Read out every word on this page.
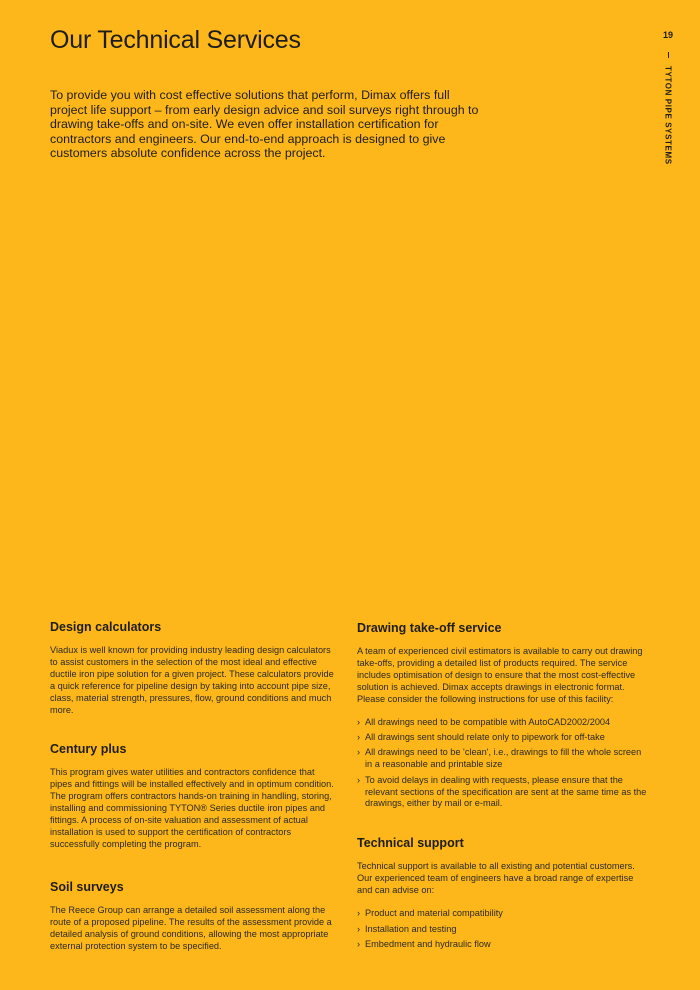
Our Technical Services

To provide you with cost effective solutions that perform, Dimax offers full project life support – from early design advice and soil surveys right through to drawing take-offs and on-site. We even offer installation certification for contractors and engineers. Our end-to-end approach is designed to give customers absolute confidence across the project.

19
TYTON PIPE SYSTEMS
Design calculators

Viadux is well known for providing industry leading design calculators to assist customers in the selection of the most ideal and effective ductile iron pipe solution for a given project. These calculators provide a quick reference for pipeline design by taking into account pipe size, class, material strength, pressures, flow, ground conditions and much more.

Century plus

This program gives water utilities and contractors confidence that pipes and fittings will be installed effectively and in optimum condition. The program offers contractors hands-on training in handling, storing, installing and commissioning TYTON® Series ductile iron pipes and fittings. A process of on-site valuation and assessment of actual installation is used to support the certification of contractors successfully completing the program.

Soil surveys

The Reece Group can arrange a detailed soil assessment along the route of a proposed pipeline. The results of the assessment provide a detailed analysis of ground conditions, allowing the most appropriate external protection system to be specified.

Drawing take-off service

A team of experienced civil estimators is available to carry out drawing take-offs, providing a detailed list of products required. The service includes optimisation of design to ensure that the most cost-effective solution is achieved. Dimax accepts drawings in electronic format. Please consider the following instructions for use of this facility:

› All drawings need to be compatible with AutoCAD2002/2004
› All drawings sent should relate only to pipework for off-take
› All drawings need to be 'clean', i.e., drawings to fill the whole screen in a reasonable and printable size
› To avoid delays in dealing with requests, please ensure that the relevant sections of the specification are sent at the same time as the drawings, either by mail or e-mail.
Technical support

Technical support is available to all existing and potential customers. Our experienced team of engineers have a broad range of expertise and can advise on:

› Product and material compatibility
› Installation and testing
› Embedment and hydraulic flow
